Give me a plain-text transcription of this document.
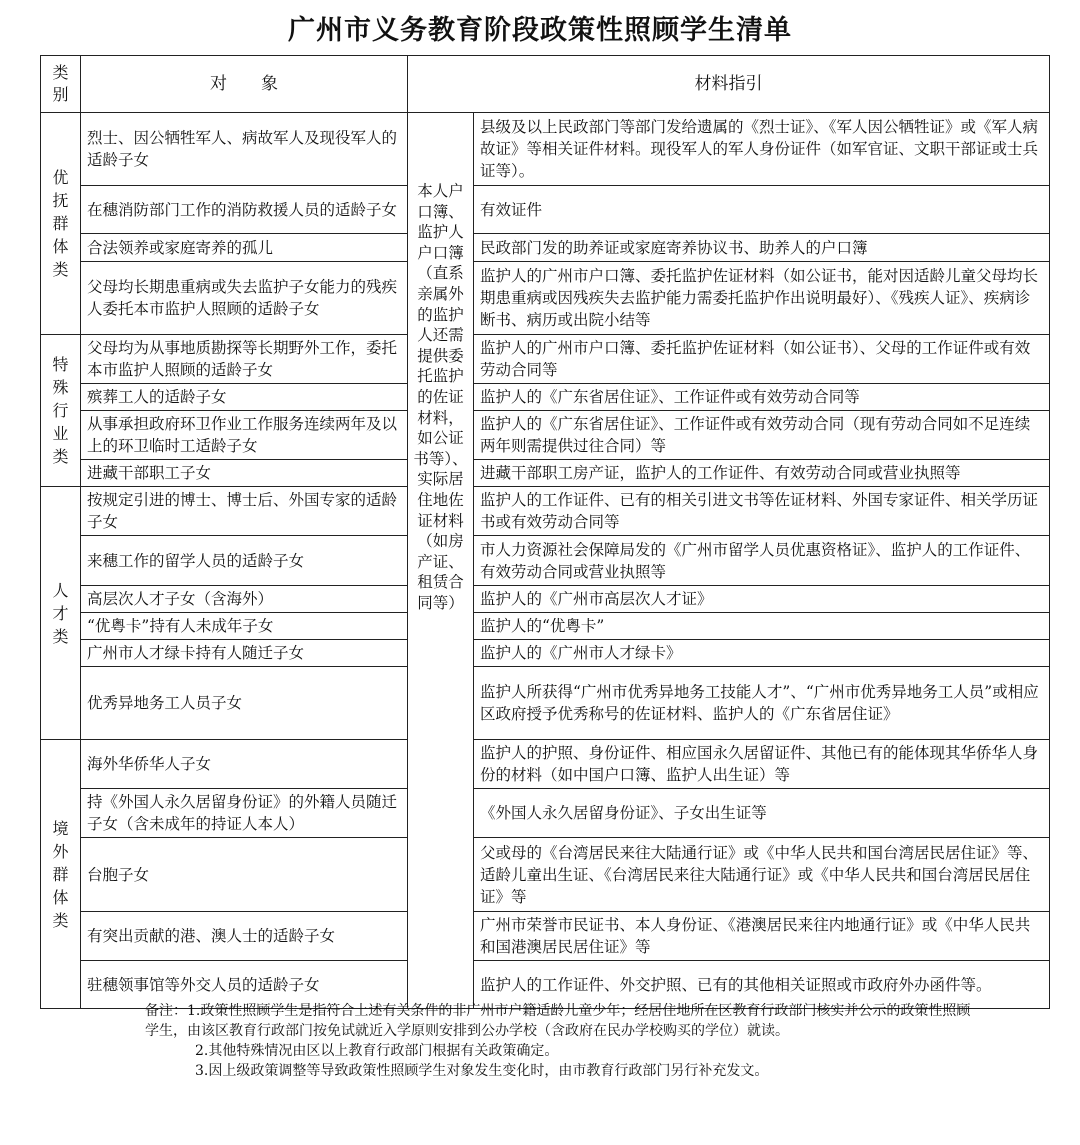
广州市义务教育阶段政策性照顾学生清单
类 别	对　　象	材料指引	
优抚群体类	烈士、因公牺牲军人、病故军人及现役军人的适龄子女	本人户口簿、监护人户口簿（直系亲属外的监护人还需提供委托监护的佐证材料，如公证书等）、实际居住地佐证材料（如房产证、租赁合同等）	县级及以上民政部门等部门发给遗属的《烈士证》、《军人因公牺牲证》或《军人病故证》等相关证件材料。现役军人的军人身份证件（如军官证、文职干部证或士兵证等）。
	在穗消防部门工作的消防救援人员的适龄子女		有效证件
	合法领养或家庭寄养的孤儿		民政部门发的助养证或家庭寄养协议书、助养人的户口簿
	父母均长期患重病或失去监护子女能力的残疾人委托本市监护人照顾的适龄子女		监护人的广州市户口簿、委托监护佐证材料（如公证书，能对因适龄儿童父母均长期患重病或因残疾失去监护能力需委托监护作出说明最好）、《残疾人证》、疾病诊断书、病历或出院小结等
特殊行业类	父母均为从事地质勘探等长期野外工作，委托本市监护人照顾的适龄子女		监护人的广州市户口簿、委托监护佐证材料（如公证书）、父母的工作证件或有效劳动合同等
	殡葬工人的适龄子女		监护人的《广东省居住证》、工作证件或有效劳动合同等
	从事承担政府环卫作业工作服务连续两年及以上的环卫临时工适龄子女		监护人的《广东省居住证》、工作证件或有效劳动合同（现有劳动合同如不足连续两年则需提供过往合同）等
	进藏干部职工子女		进藏干部职工房产证，监护人的工作证件、有效劳动合同或营业执照等
人才类	按规定引进的博士、博士后、外国专家的适龄子女		监护人的工作证件、已有的相关引进文书等佐证材料、外国专家证件、相关学历证书或有效劳动合同等
	来穗工作的留学人员的适龄子女		市人力资源社会保障局发的《广州市留学人员优惠资格证》、监护人的工作证件、有效劳动合同或营业执照等
	高层次人才子女（含海外）		监护人的《广州市高层次人才证》
	“优粤卡”持有人未成年子女		监护人的“优粤卡”
	广州市人才绿卡持有人随迁子女		监护人的《广州市人才绿卡》
	优秀异地务工人员子女		监护人所获得“广州市优秀异地务工技能人才”、“广州市优秀异地务工人员”或相应区政府授予优秀称号的佐证材料、监护人的《广东省居住证》
境外群体类	海外华侨华人子女		监护人的护照、身份证件、相应国永久居留证件、其他已有的能体现其华侨华人身份的材料（如中国户口簿、监护人出生证）等
	持《外国人永久居留身份证》的外籍人员随迁子女（含未成年的持证人本人）		《外国人永久居留身份证》、子女出生证等
	台胞子女		父或母的《台湾居民来往大陆通行证》或《中华人民共和国台湾居民居住证》等、适龄儿童出生证、《台湾居民来往大陆通行证》或《中华人民共和国台湾居民居住证》等
	有突出贡献的港、澳人士的适龄子女		广州市荣誉市民证书、本人身份证、《港澳居民来往内地通行证》或《中华人民共和国港澳居民居住证》等
	驻穗领事馆等外交人员的适龄子女		监护人的工作证件、外交护照、已有的其他相关证照或市政府外办函件等。
备注：1.政策性照顾学生是指符合上述有关条件的非广州市户籍适龄儿童少年；经居住地所在区教育行政部门核实并公示的政策性照顾学生，由该区教育行政部门按免试就近入学原则安排到公办学校（含政府在民办学校购买的学位）就读。
2.其他特殊情况由区以上教育行政部门根据有关政策确定。
3.因上级政策调整等导致政策性照顾学生对象发生变化时，由市教育行政部门另行补充发文。
